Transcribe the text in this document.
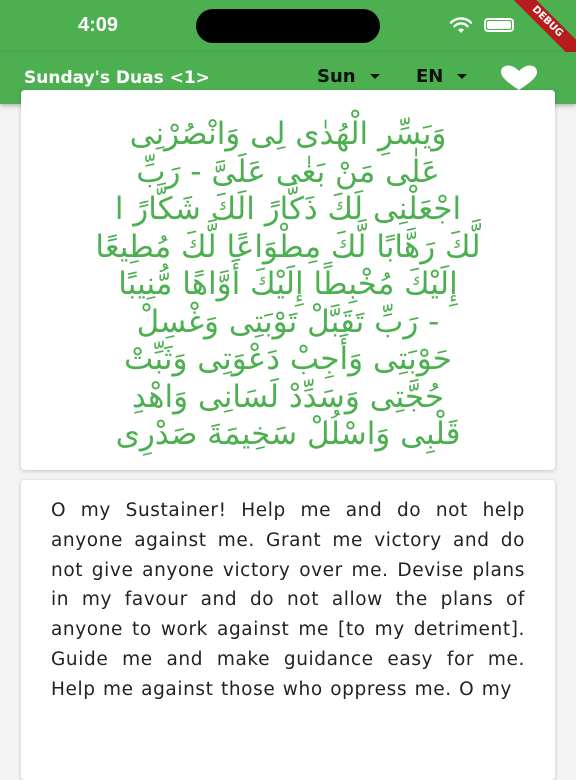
4:09	DEBUG
Sunday's Duas <1>	Sun	EN
وَيَسِّرِ الْهُدٰى لِى وَانْصُرْنِى
عَلٰى مَنْ بَغٰى عَلَىَّ - رَبِّ
اجْعَلْنِى لَكَ ذَكَّارً الَكَ شَكَّارً ا
لَّكَ رَهَّابًا لَّكَ مِطْوَاعًا لَّكَ مُطِيعًا
إِلَيْكَ مُخْبِطًا إِلَيْكَ أَوَّاهًا مُّنِيبًا
- رَبِّ تَقَبَّلْ تَوْبَتِى وَغْسِلْ
حَوْبَتِى وَأَجِبْ دَعْوَتِى وَثَبِّتْ
حُجَّتِى وَسَدِّدْ لَسَانِى وَاهْدِ
قَلْبِى وَاسْلُلْ سَخِيمَةَ صَدْرِى

O my Sustainer! Help me and do not help anyone against me. Grant me victory and do not give anyone victory over me. Devise plans in my favour and do not allow the plans of anyone to work against me [to my detriment]. Guide me and make guidance easy for me. Help me against those who oppress me. O my
